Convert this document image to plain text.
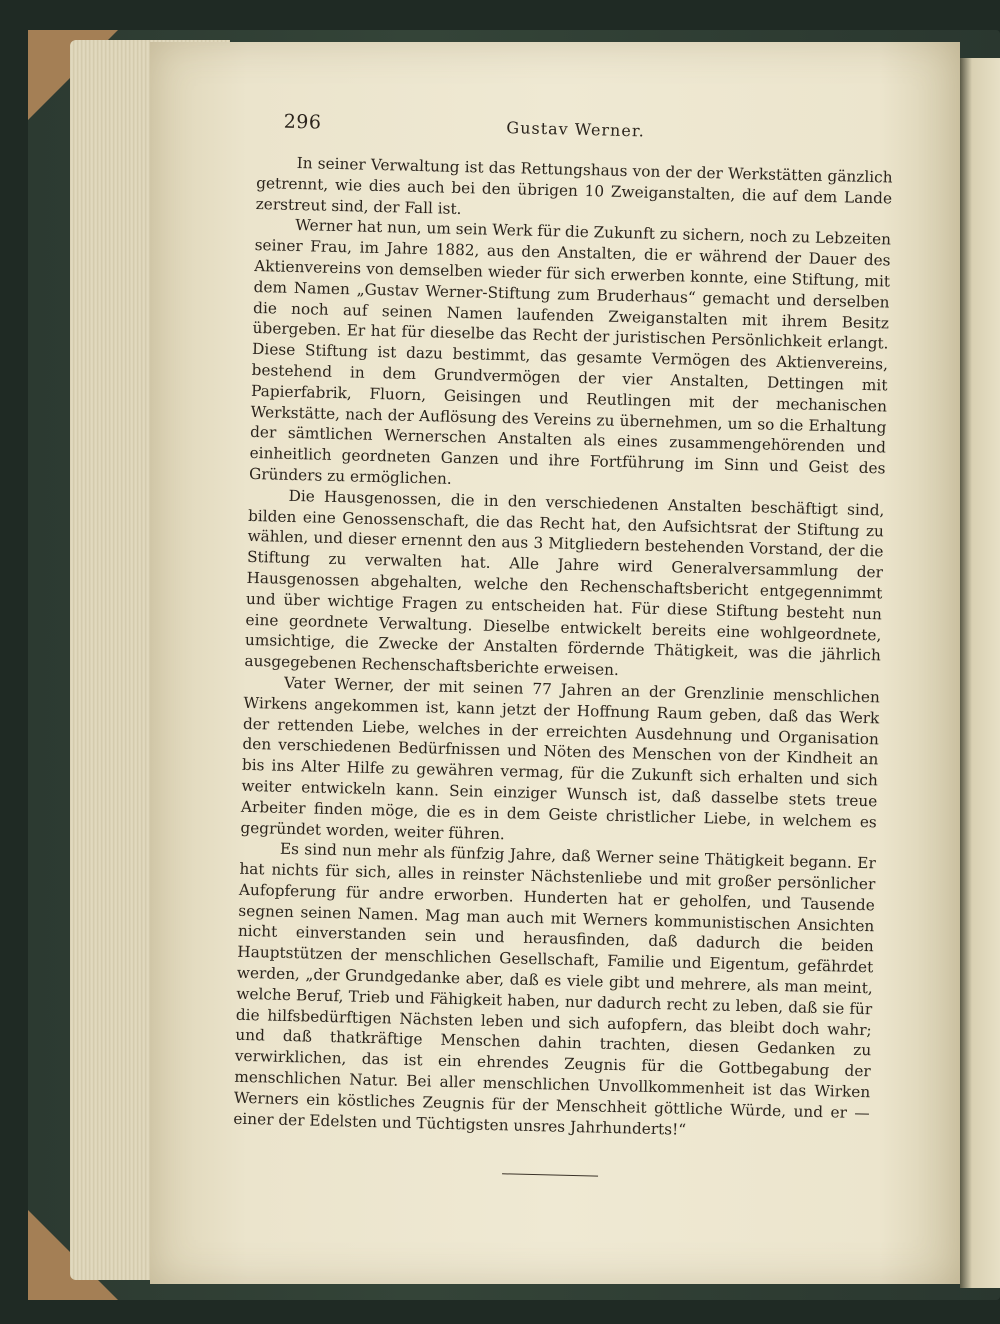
296	Gustav Werner.

In seiner Verwaltung ist das Rettungshaus von der der Werkstätten gänzlich getrennt, wie dies auch bei den übrigen 10 Zweiganstalten, die auf dem Lande zerstreut sind, der Fall ist.

Werner hat nun, um sein Werk für die Zukunft zu sichern, noch zu Lebzeiten seiner Frau, im Jahre 1882, aus den Anstalten, die er während der Dauer des Aktienvereins von demselben wieder für sich erwerben konnte, eine Stiftung, mit dem Namen „Gustav Werner-Stiftung zum Bruderhaus“ gemacht und derselben die noch auf seinen Namen laufenden Zweiganstalten mit ihrem Besitz übergeben. Er hat für dieselbe das Recht der juristischen Persönlichkeit erlangt. Diese Stiftung ist dazu bestimmt, das gesamte Vermögen des Aktienvereins, bestehend in dem Grundvermögen der vier Anstalten, Dettingen mit Papierfabrik, Fluorn, Geisingen und Reutlingen mit der mechanischen Werkstätte, nach der Auflösung des Vereins zu übernehmen, um so die Erhaltung der sämtlichen Wernerschen Anstalten als eines zusammengehörenden und einheitlich geordneten Ganzen und ihre Fortführung im Sinn und Geist des Gründers zu ermöglichen.

Die Hausgenossen, die in den verschiedenen Anstalten beschäftigt sind, bilden eine Genossenschaft, die das Recht hat, den Aufsichtsrat der Stiftung zu wählen, und dieser ernennt den aus 3 Mitgliedern bestehenden Vorstand, der die Stiftung zu verwalten hat. Alle Jahre wird Generalversammlung der Hausgenossen abgehalten, welche den Rechenschaftsbericht entgegennimmt und über wichtige Fragen zu entscheiden hat. Für diese Stiftung besteht nun eine geordnete Verwaltung. Dieselbe entwickelt bereits eine wohlgeordnete, umsichtige, die Zwecke der Anstalten fördernde Thätigkeit, was die jährlich ausgegebenen Rechenschaftsberichte erweisen.

Vater Werner, der mit seinen 77 Jahren an der Grenzlinie menschlichen Wirkens angekommen ist, kann jetzt der Hoffnung Raum geben, daß das Werk der rettenden Liebe, welches in der erreichten Ausdehnung und Organisation den verschiedenen Bedürfnissen und Nöten des Menschen von der Kindheit an bis ins Alter Hilfe zu gewähren vermag, für die Zukunft sich erhalten und sich weiter entwickeln kann. Sein einziger Wunsch ist, daß dasselbe stets treue Arbeiter finden möge, die es in dem Geiste christlicher Liebe, in welchem es gegründet worden, weiter führen.

Es sind nun mehr als fünfzig Jahre, daß Werner seine Thätigkeit begann. Er hat nichts für sich, alles in reinster Nächstenliebe und mit großer persönlicher Aufopferung für andre erworben. Hunderten hat er geholfen, und Tausende segnen seinen Namen. Mag man auch mit Werners kommunistischen Ansichten nicht einverstanden sein und herausfinden, daß dadurch die beiden Hauptstützen der menschlichen Gesellschaft, Familie und Eigentum, gefährdet werden, „der Grundgedanke aber, daß es viele gibt und mehrere, als man meint, welche Beruf, Trieb und Fähigkeit haben, nur dadurch recht zu leben, daß sie für die hilfsbedürftigen Nächsten leben und sich aufopfern, das bleibt doch wahr; und daß thatkräftige Menschen dahin trachten, diesen Gedanken zu verwirklichen, das ist ein ehrendes Zeugnis für die Gottbegabung der menschlichen Natur. Bei aller menschlichen Unvollkommenheit ist das Wirken Werners ein köstliches Zeugnis für der Menschheit göttliche Würde, und er — einer der Edelsten und Tüchtigsten unsres Jahrhunderts!“
